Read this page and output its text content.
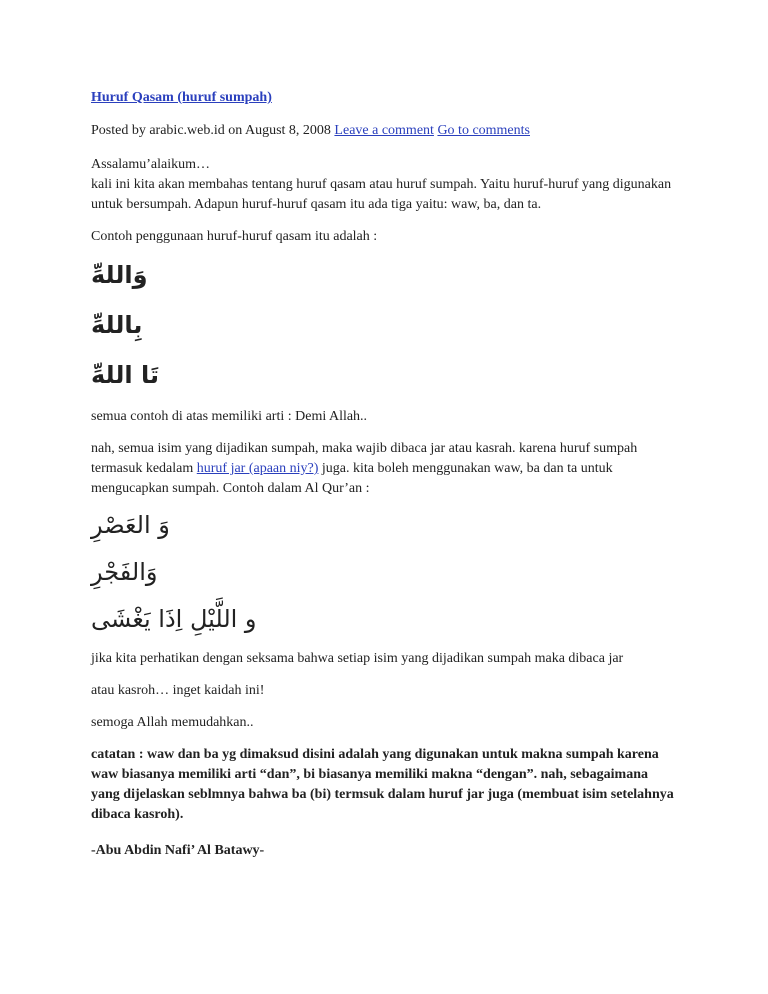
Huruf Qasam (huruf sumpah)
Posted by arabic.web.id on August 8, 2008 Leave a comment Go to comments
Assalamu’alaikum…
kali ini kita akan membahas tentang huruf qasam atau huruf sumpah. Yaitu huruf-huruf yang digunakan untuk bersumpah. Adapun huruf-huruf qasam itu ada tiga yaitu: waw, ba, dan ta.
Contoh penggunaan huruf-huruf qasam itu adalah :
وَاللهِّ
بِاللهِّ
تَا اللهِّ
semua contoh di atas memiliki arti : Demi Allah..
nah, semua isim yang dijadikan sumpah, maka wajib dibaca jar atau kasrah. karena huruf sumpah termasuk kedalam huruf jar (apaan niy?) juga. kita boleh menggunakan waw, ba dan ta untuk mengucapkan sumpah. Contoh dalam Al Qur’an :
وَ العَصْرِ
وَالفَجْرِ
و اللَّيْلِ اِذَا يَغْشَى
jika kita perhatikan dengan seksama bahwa setiap isim yang dijadikan sumpah maka dibaca jar
atau kasroh… inget kaidah ini!
semoga Allah memudahkan..
catatan : waw dan ba yg dimaksud disini adalah yang digunakan untuk makna sumpah karena waw biasanya memiliki arti “dan”, bi biasanya memiliki makna “dengan”. nah, sebagaimana yang dijelaskan seblmnya bahwa ba (bi) termsuk dalam huruf jar juga (membuat isim setelahnya dibaca kasroh).
-Abu Abdin Nafi’ Al Batawy-
